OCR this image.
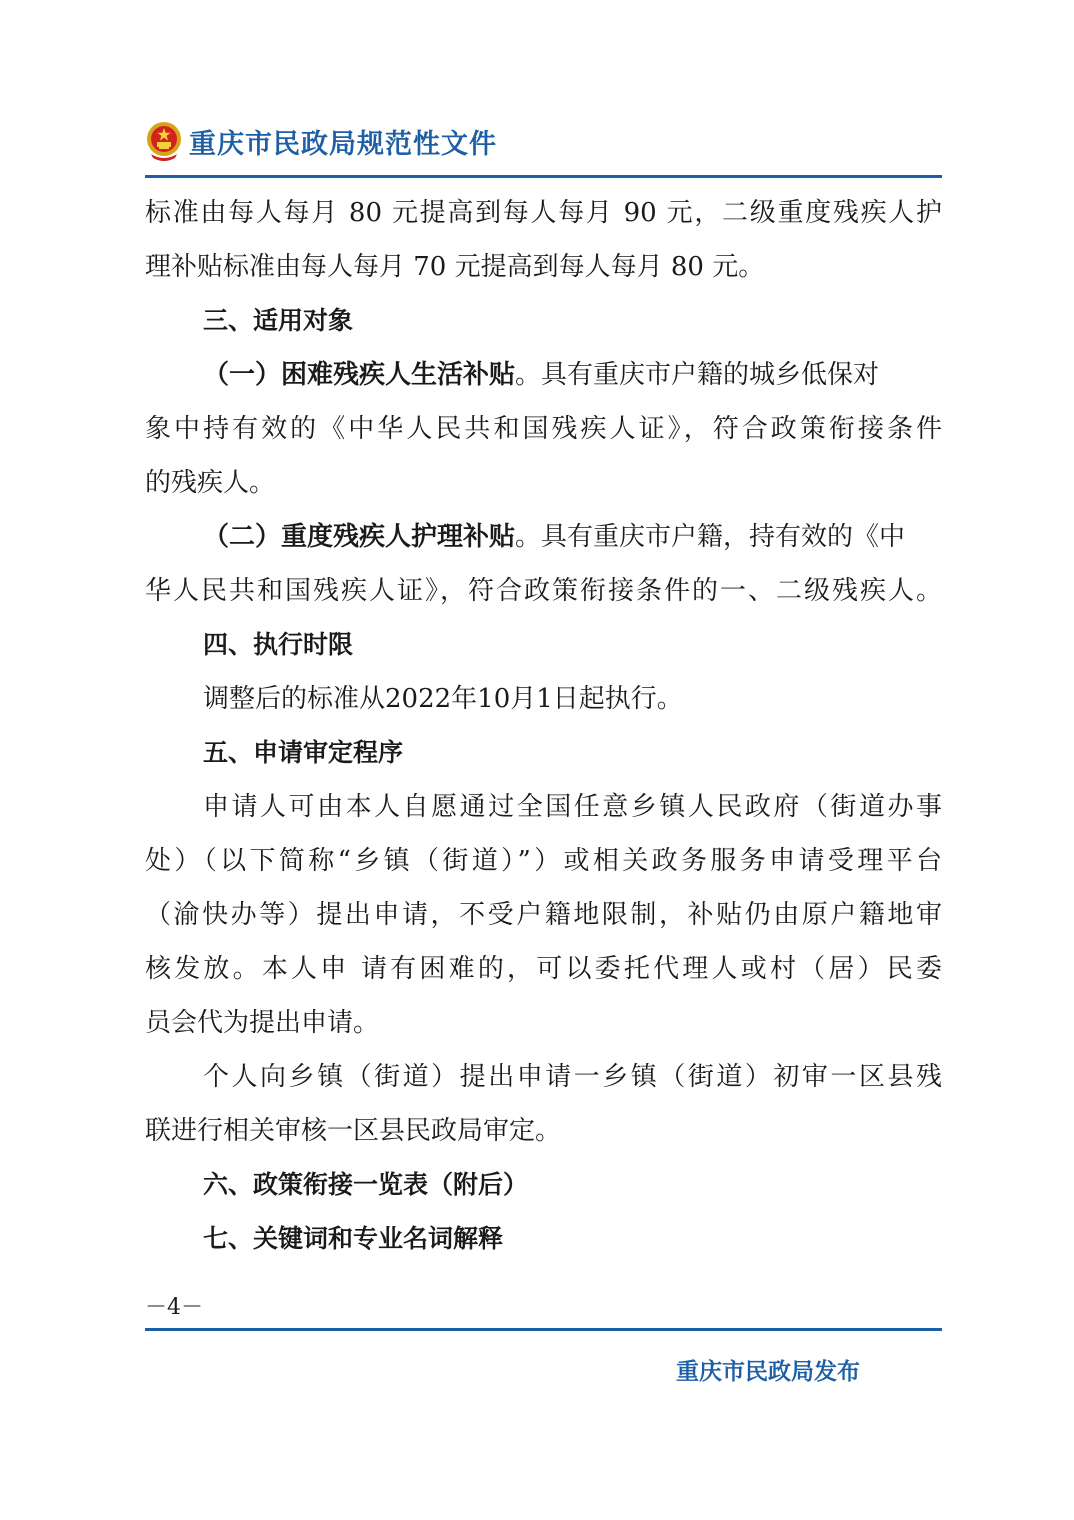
重庆市民政局规范性文件
标准由每人每月 80 元提高到每人每月 90 元，二级重度残疾人护
理补贴标准由每人每月 70 元提高到每人每月 80 元。
三、适用对象
（一）困难残疾人生活补贴。具有重庆市户籍的城乡低保对
象中持有效的《中华人民共和国残疾人证》，符合政策衔接条件
的残疾人。
（二）重度残疾人护理补贴。具有重庆市户籍，持有效的《中
华人民共和国残疾人证》，符合政策衔接条件的一、二级残疾人。
四、执行时限
调整后的标准从2022年10月1日起执行。
五、申请审定程序
申请人可由本人自愿通过全国任意乡镇人民政府（街道办事
处）（以下简称“乡镇（街道）”）或相关政务服务申请受理平台
（渝快办等）提出申请，不受户籍地限制，补贴仍由原户籍地审
核发放。本人申 请有困难的，可以委托代理人或村（居）民委
员会代为提出申请。
个人向乡镇（街道）提出申请一乡镇（街道）初审一区县残
联进行相关审核一区县民政局审定。
六、政策衔接一览表（附后）
七、关键词和专业名词解释
－4－
重庆市民政局发布
